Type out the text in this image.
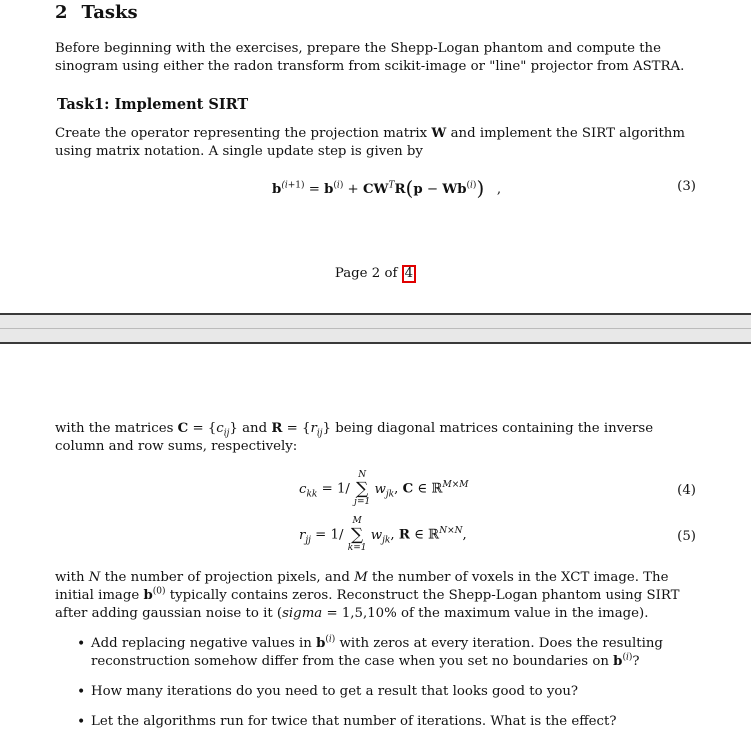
2 Tasks
Before beginning with the exercises, prepare the Shepp-Logan phantom and compute the sinogram using either the radon transform from scikit-image or "line" projector from ASTRA.
Task1: Implement SIRT
Create the operator representing the projection matrix W and implement the SIRT algorithm using matrix notation. A single update step is given by
$b^{(i+1)} = b^{(i)} + CW^TR(p - Wb^{(i)})$   ,	(3)
Page 2 of 4
with the matrices $C = \{c_{ij}\}$ and $R = \{r_{ij}\}$ being diagonal matrices containing the inverse column and row sums, respectively:
$c_{kk} = 1/$
N
∑
j=1
$w_{jk}$, C ∈ ℝ$^{M\times M}$	(4)
$r_{jj} = 1/$
M
∑
k=1
$w_{jk}$, R ∈ ℝ$^{N\times N}$,	(5)
with N the number of projection pixels, and M the number of voxels in the XCT image. The initial image $b^{(0)}$ typically contains zeros. Reconstruct the Shepp-Logan phantom using SIRT after adding gaussian noise to it (sigma = 1,5,10% of the maximum value in the image).
• Add replacing negative values in $b^{(i)}$ with zeros at every iteration. Does the resulting reconstruction somehow differ from the case when you set no boundaries on $b^{(i)}$?
• How many iterations do you need to get a result that looks good to you?
• Let the algorithms run for twice that number of iterations. What is the effect?
